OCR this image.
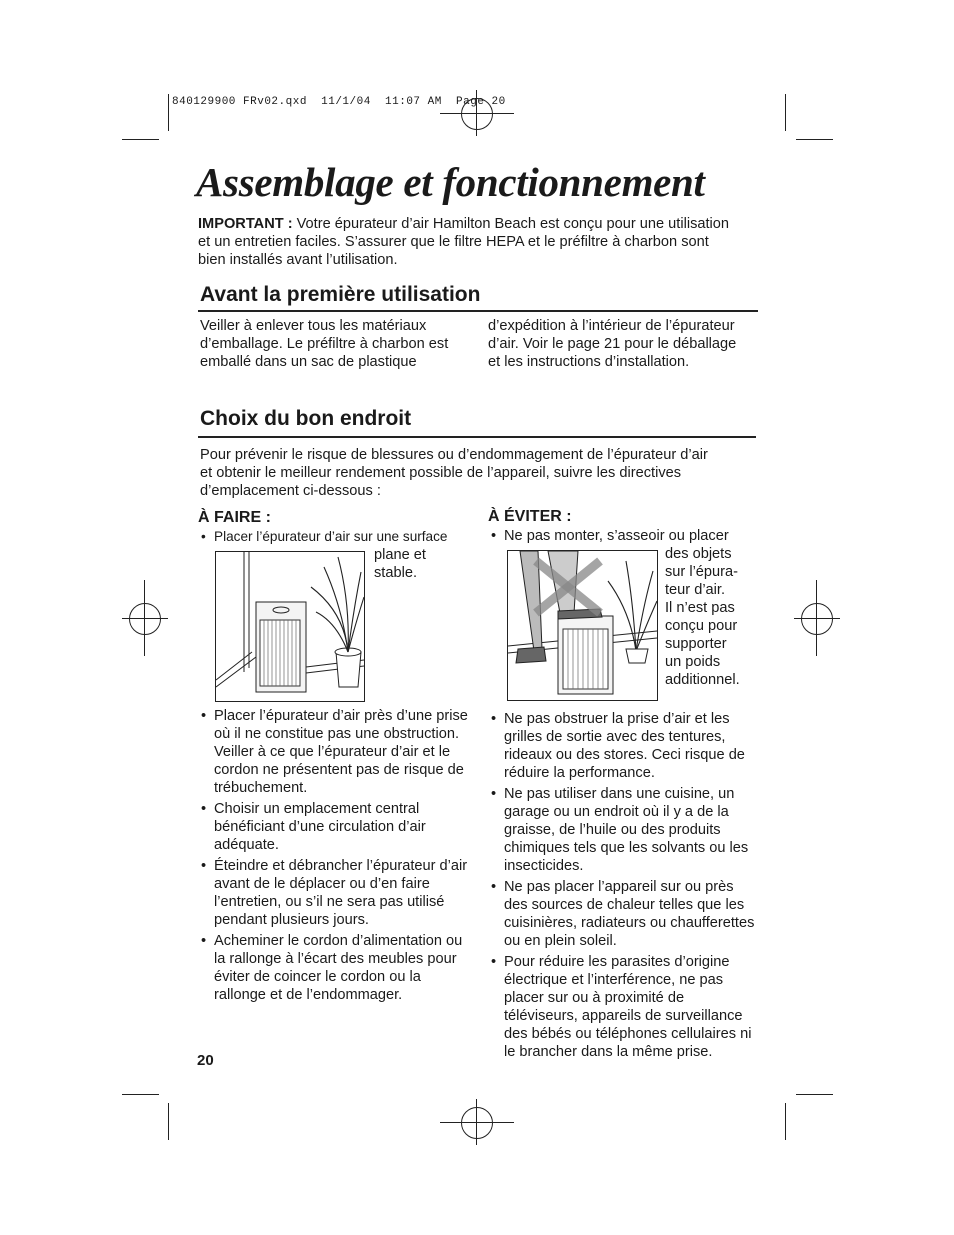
840129900 FRv02.qxd  11/1/04  11:07 AM  Page 20
Assemblage et fonctionnement
IMPORTANT : Votre épurateur d’air Hamilton Beach est conçu pour une utilisation
et un entretien faciles. S’assurer que le filtre HEPA et le préfiltre à charbon sont
bien installés avant l’utilisation.
Avant la première utilisation
Veiller à enlever tous les matériaux
d’emballage. Le préfiltre à charbon est
emballé dans un sac de plastique
d’expédition à l’intérieur de l’épurateur
d’air. Voir le page 21 pour le déballage
et les instructions d’installation.
Choix du bon endroit
Pour prévenir le risque de blessures ou d’endommagement de l’épurateur d’air
et obtenir le meilleur rendement possible de l’appareil, suivre les directives
d’emplacement ci-dessous :
À FAIRE :
• Placer l’épurateur d’air sur une surface
plane et
stable.
• Placer l’épurateur d’air près d’une prise où il ne constitue pas une obstruction. Veiller à ce que l’épurateur d’air et le cordon ne présentent pas de risque de trébuchement.
• Choisir un emplacement central bénéficiant d’une circulation d’air adéquate.
• Éteindre et débrancher l’épurateur d’air avant de le déplacer ou d’en faire l’entretien, ou s’il ne sera pas utilisé pendant plusieurs jours.
• Acheminer le cordon d’alimentation ou la rallonge à l’écart des meubles pour éviter de coincer le cordon ou la rallonge et de l’endommager.
À ÉVITER :
• Ne pas monter, s’asseoir ou placer
des objets
sur l’épura-
teur d’air.
Il n’est pas
conçu pour
supporter
un poids
additionnel.
• Ne pas obstruer la prise d’air et les grilles de sortie avec des tentures, rideaux ou des stores. Ceci risque de réduire la performance.
• Ne pas utiliser dans une cuisine, un garage ou un endroit où il y a de la graisse, de l’huile ou des produits chimiques tels que les solvants ou les insecticides.
• Ne pas placer l’appareil sur ou près des sources de chaleur telles que les cuisinières, radiateurs ou chaufferettes ou en plein soleil.
• Pour réduire les parasites d’origine électrique et l’interférence, ne pas placer sur ou à proximité de téléviseurs, appareils de surveillance des bébés ou téléphones cellulaires ni le brancher dans la même prise.
20
